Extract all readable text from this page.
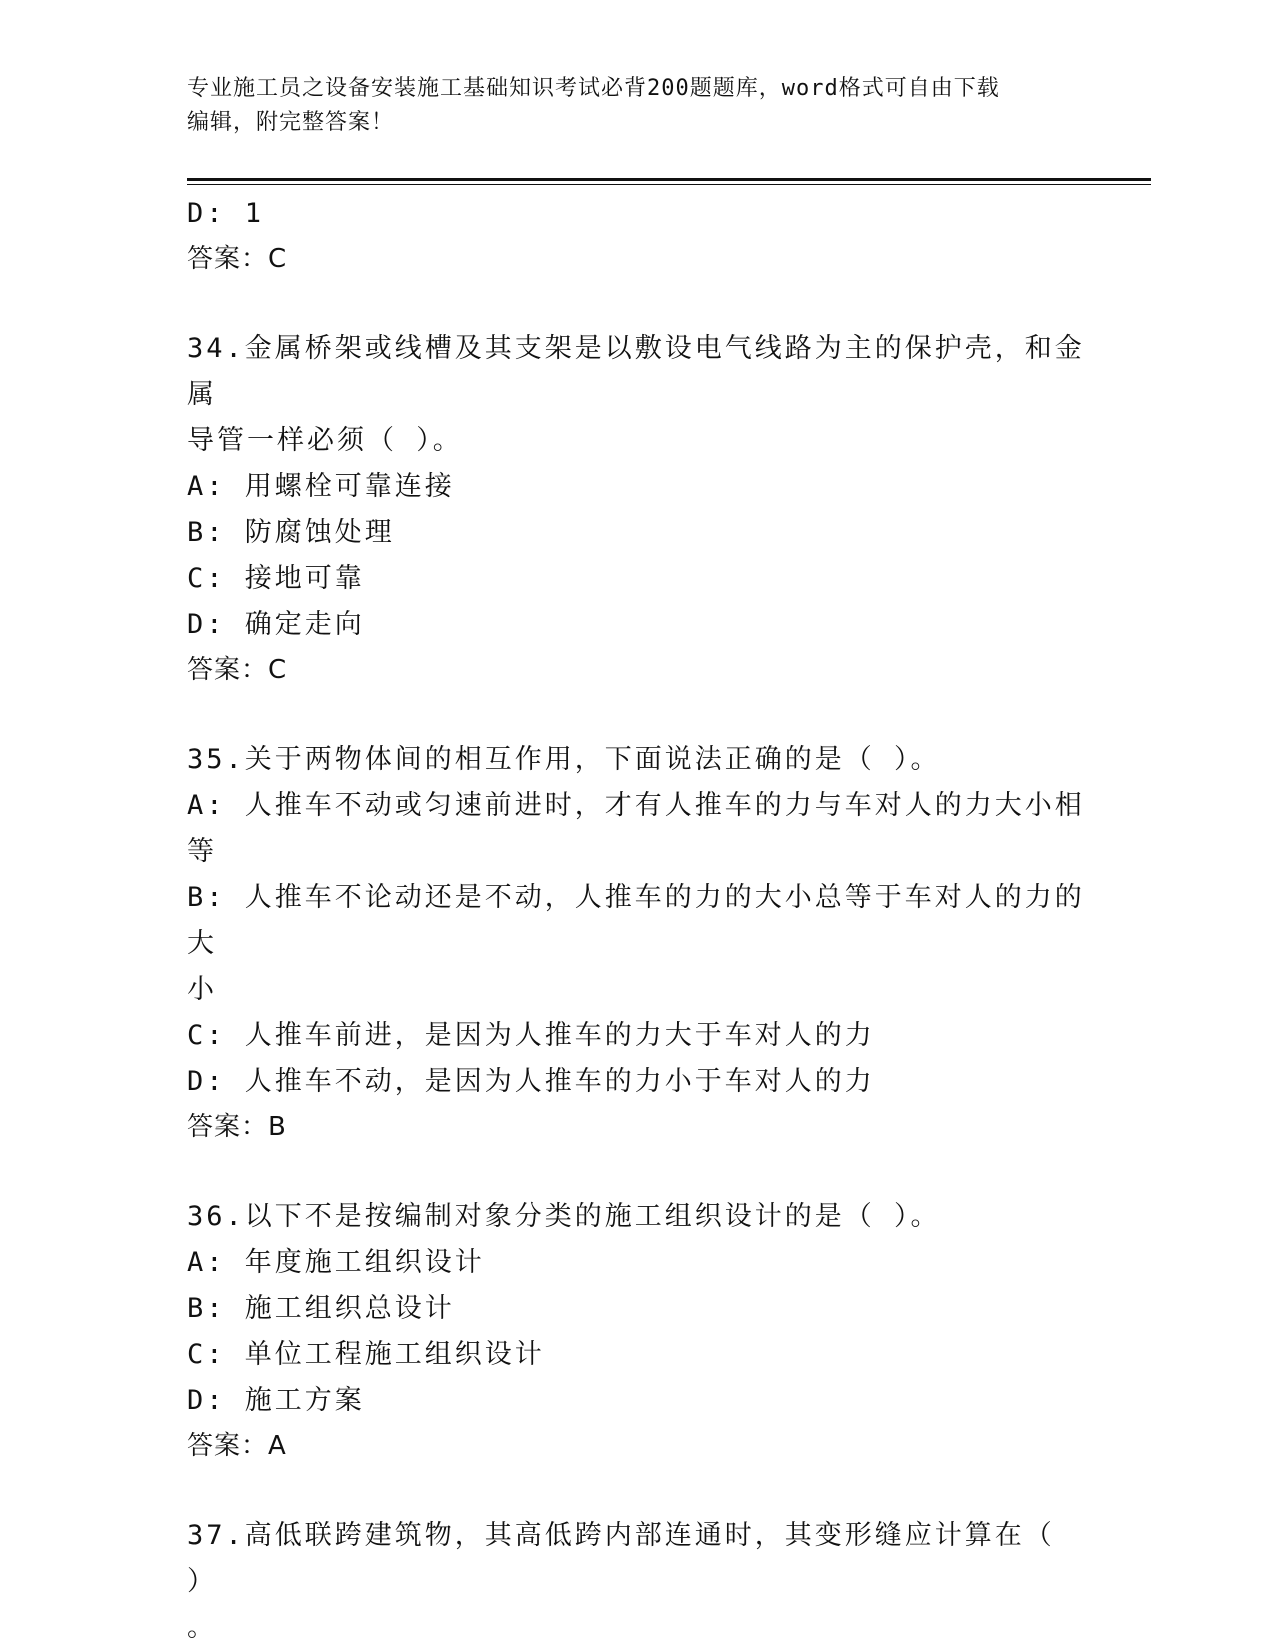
专业施工员之设备安装施工基础知识考试必背200题题库，word格式可自由下载
编辑，附完整答案！
D: 1
答案：C
34.金属桥架或线槽及其支架是以敷设电气线路为主的保护壳，和金属
导管一样必须（ ）。
A: 用螺栓可靠连接
B: 防腐蚀处理
C: 接地可靠
D: 确定走向
答案：C
35.关于两物体间的相互作用，下面说法正确的是（ ）。
A: 人推车不动或匀速前进时，才有人推车的力与车对人的力大小相等
B: 人推车不论动还是不动，人推车的力的大小总等于车对人的力的大
小
C: 人推车前进，是因为人推车的力大于车对人的力
D: 人推车不动，是因为人推车的力小于车对人的力
答案：B
36.以下不是按编制对象分类的施工组织设计的是（ ）。
A: 年度施工组织设计
B: 施工组织总设计
C: 单位工程施工组织设计
D: 施工方案
答案：A
37.高低联跨建筑物，其高低跨内部连通时，其变形缝应计算在（ ）
。
